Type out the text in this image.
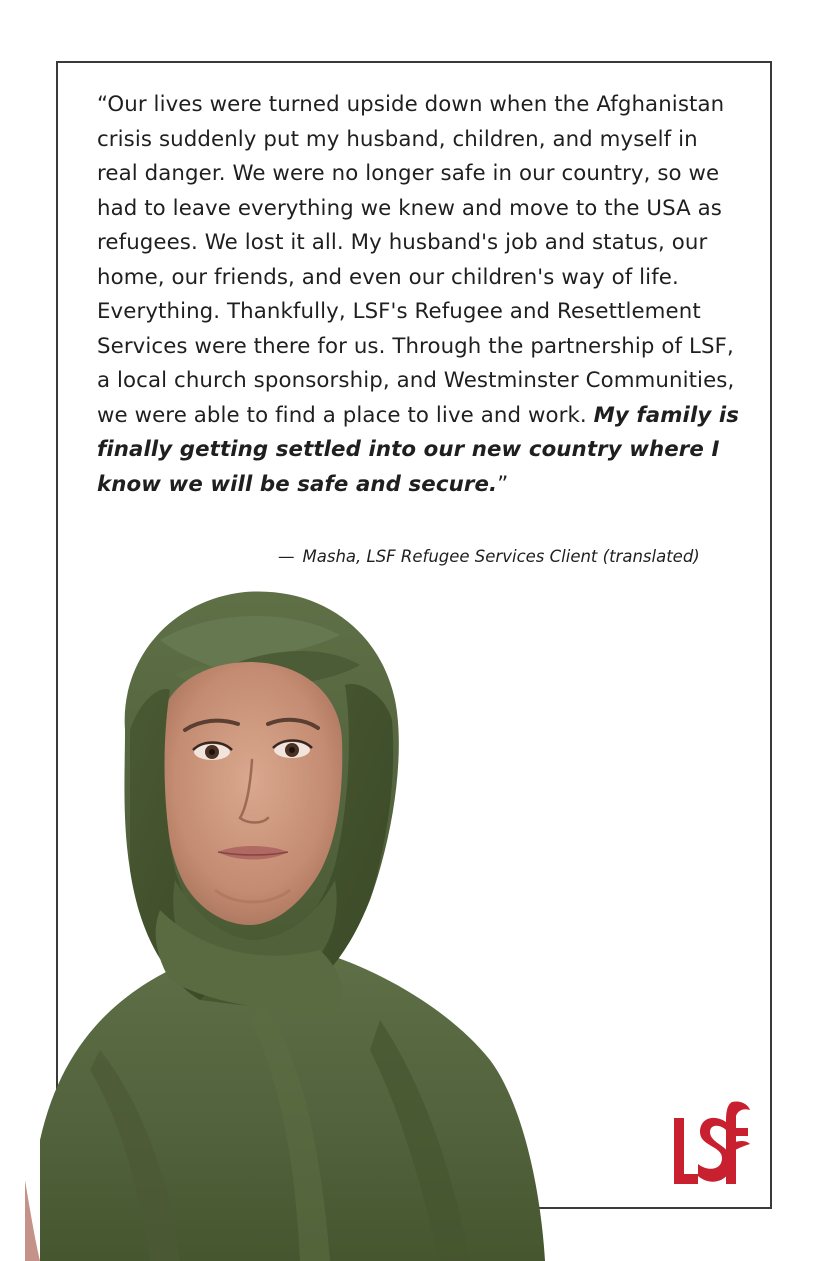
“Our lives were turned upside down when the Afghanistan crisis suddenly put my husband, children, and myself in real danger. We were no longer safe in our country, so we had to leave everything we knew and move to the USA as refugees. We lost it all. My husband's job and status, our home, our friends, and even our children's way of life. Everything. Thankfully, LSF's Refugee and Resettlement Services were there for us. Through the partnership of LSF, a local church sponsorship, and Westminster Communities, we were able to find a place to live and work. My family is finally getting settled into our new country where I know we will be safe and secure.”
— Masha, LSF Refugee Services Client (translated)
